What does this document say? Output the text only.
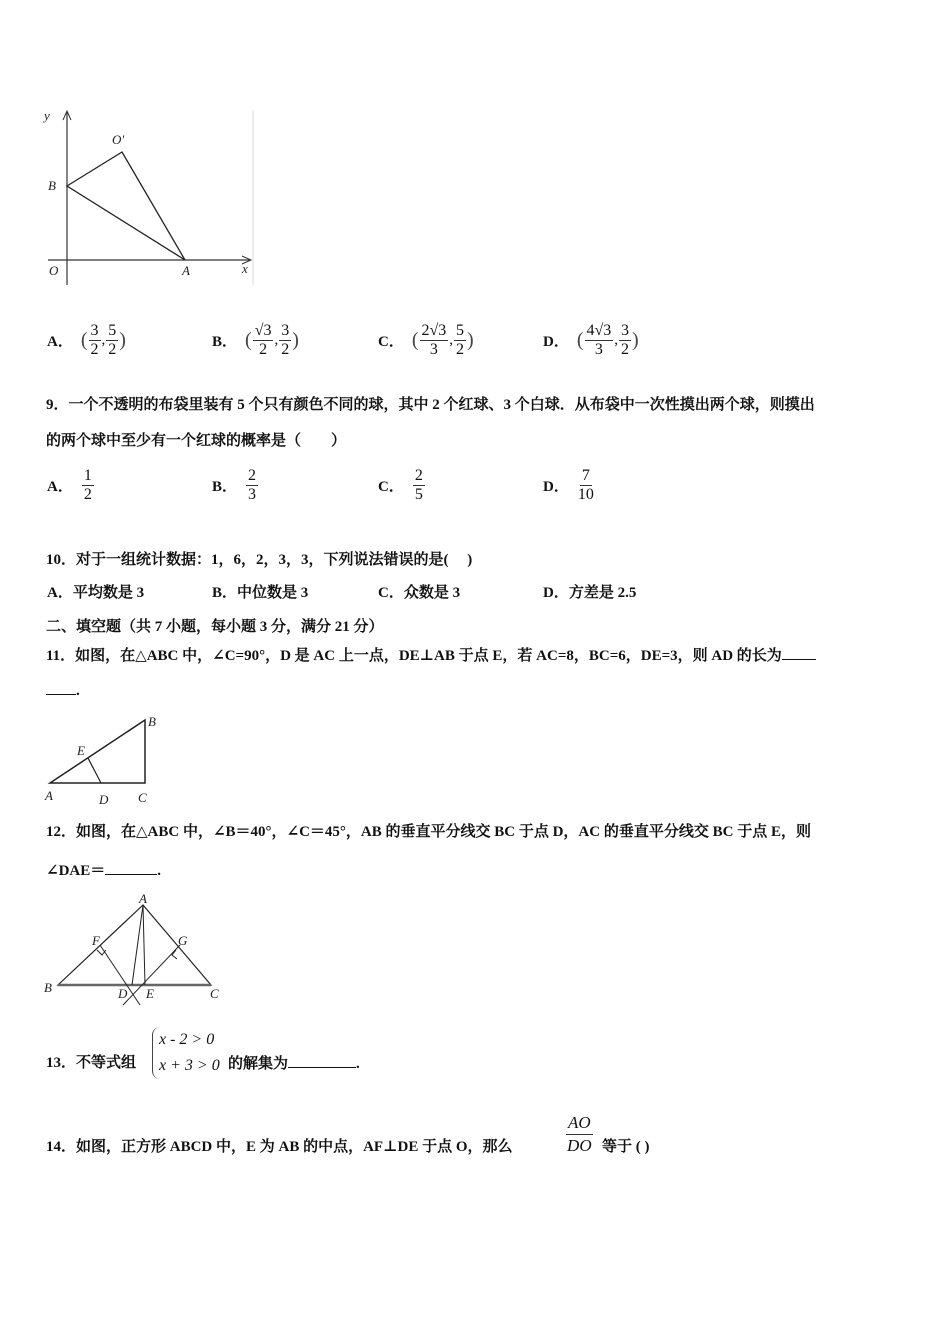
y
x
O
O′
B
A
A． ( $\frac{3}{2}$ , $\frac{5}{2}$ )	B． ( $\frac{√3}{2}$ , $\frac{3}{2}$ )	C． ( $\frac{2√3}{3}$ , $\frac{5}{2}$ )	D． ( $\frac{4√3}{3}$ , $\frac{3}{2}$ )
9．一个不透明的布袋里装有 5 个只有颜色不同的球，其中 2 个红球、3 个白球．从布袋中一次性摸出两个球，则摸出
的两个球中至少有一个红球的概率是（　　）
A． $\frac{1}{2}$	B． $\frac{2}{3}$	C． $\frac{2}{5}$	D． $\frac{7}{10}$
10．对于一组统计数据：1，6，2，3，3，下列说法错误的是(　 )
A．平均数是 3	B．中位数是 3	C．众数是 3	D．方差是 2.5
二、填空题（共 7 小题，每小题 3 分，满分 21 分）
11．如图，在△ABC 中，∠C=90°，D 是 AC 上一点，DE⊥AB 于点 E，若 AC=8，BC=6，DE=3，则 AD 的长为
.
A
B
C
D
E
12．如图，在△ABC 中，∠B＝40°，∠C＝45°，AB 的垂直平分线交 BC 于点 D，AC 的垂直平分线交 BC 于点 E，则
∠DAE＝	.
A
B	C
D E
F	G
13．不等式组
x - 2 > 0
x + 3 > 0 的解集为	.
14．如图，正方形 ABCD 中，E 为 AB 的中点，AF⊥DE 于点 O，那么	$\frac{AO}{DO}$ 等于 ( )
